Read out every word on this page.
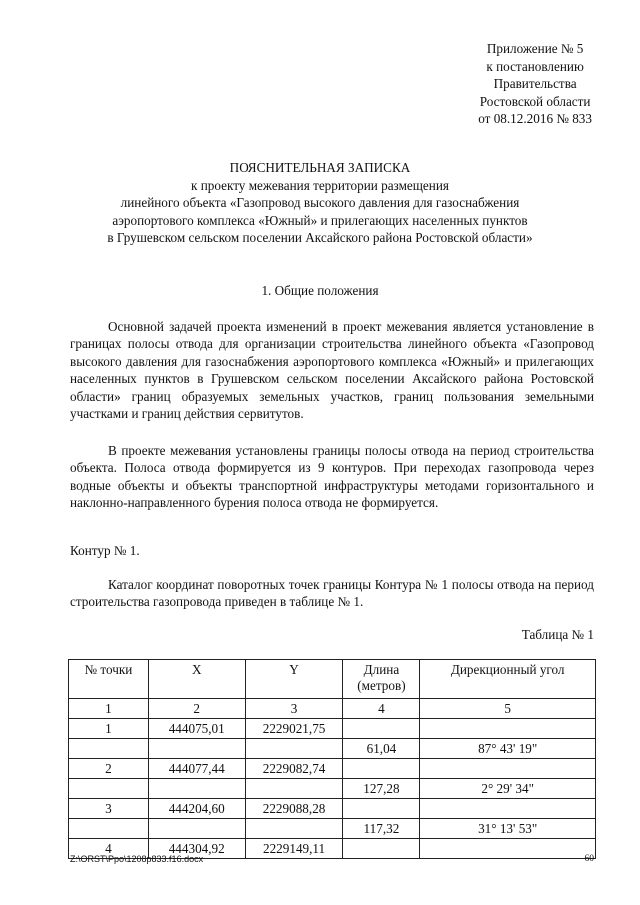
Приложение № 5
к постановлению
Правительства
Ростовской области
от 08.12.2016 № 833
ПОЯСНИТЕЛЬНАЯ ЗАПИСКА
к проекту межевания территории размещения
линейного объекта «Газопровод высокого давления для газоснабжения
аэропортового комплекса «Южный» и прилегающих населенных пунктов
в Грушевском сельском поселении Аксайского района Ростовской области»
1. Общие положения

Основной задачей проекта изменений в проект межевания является установление в границах полосы отвода для организации строительства линейного объекта «Газопровод высокого давления для газоснабжения аэропортового комплекса «Южный» и прилегающих населенных пунктов в Грушевском сельском поселении Аксайского района Ростовской области» границ образуемых земельных участков, границ пользования земельными участками и границ действия сервитутов.

В проекте межевания установлены границы полосы отвода на период строительства объекта. Полоса отвода формируется из 9 контуров. При переходах газопровода через водные объекты и объекты транспортной инфраструктуры методами горизонтального и наклонно-направленного бурения полоса отвода не формируется.

Контур № 1.

Каталог координат поворотных точек границы Контура № 1 полосы отвода на период строительства газопровода приведен в таблице № 1.

Таблица № 1
№ точки	X	Y	Длина (метров)	Дирекционный угол
1	2	3	4	5
1	444075,01	2229021,75		
			61,04	87° 43' 19"
2	444077,44	2229082,74		
			127,28	2° 29' 34"
3	444204,60	2229088,28		
			117,32	31° 13' 53"
4	444304,92	2229149,11		
Z:\ORST\Ppo\1208p833.f16.docx	60
